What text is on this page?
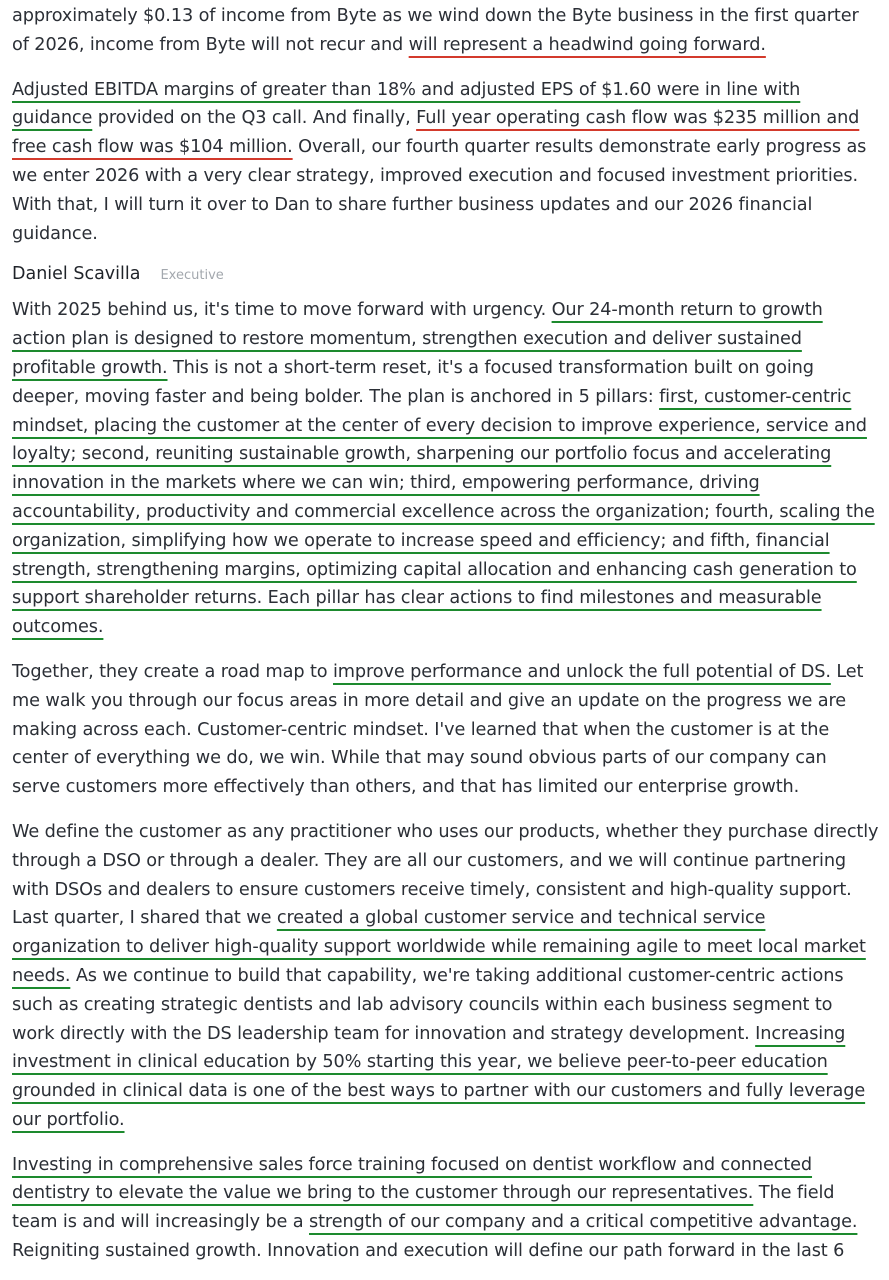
approximately $0.13 of income from Byte as we wind down the Byte business in the first quarter of 2026, income from Byte will not recur and will represent a headwind going forward.

Adjusted EBITDA margins of greater than 18% and adjusted EPS of $1.60 were in line with guidance provided on the Q3 call. And finally, Full year operating cash flow was $235 million and free cash flow was $104 million. Overall, our fourth quarter results demonstrate early progress as we enter 2026 with a very clear strategy, improved execution and focused investment priorities. With that, I will turn it over to Dan to share further business updates and our 2026 financial guidance.

Daniel Scavilla Executive

With 2025 behind us, it's time to move forward with urgency. Our 24-month return to growth action plan is designed to restore momentum, strengthen execution and deliver sustained profitable growth. This is not a short-term reset, it's a focused transformation built on going deeper, moving faster and being bolder. The plan is anchored in 5 pillars: first, customer-centric mindset, placing the customer at the center of every decision to improve experience, service and loyalty; second, reuniting sustainable growth, sharpening our portfolio focus and accelerating innovation in the markets where we can win; third, empowering performance, driving accountability, productivity and commercial excellence across the organization; fourth, scaling the organization, simplifying how we operate to increase speed and efficiency; and fifth, financial strength, strengthening margins, optimizing capital allocation and enhancing cash generation to support shareholder returns. Each pillar has clear actions to find milestones and measurable outcomes.

Together, they create a road map to improve performance and unlock the full potential of DS. Let me walk you through our focus areas in more detail and give an update on the progress we are making across each. Customer-centric mindset. I've learned that when the customer is at the center of everything we do, we win. While that may sound obvious parts of our company can serve customers more effectively than others, and that has limited our enterprise growth.

We define the customer as any practitioner who uses our products, whether they purchase directly through a DSO or through a dealer. They are all our customers, and we will continue partnering with DSOs and dealers to ensure customers receive timely, consistent and high-quality support. Last quarter, I shared that we created a global customer service and technical service organization to deliver high-quality support worldwide while remaining agile to meet local market needs. As we continue to build that capability, we're taking additional customer-centric actions such as creating strategic dentists and lab advisory councils within each business segment to work directly with the DS leadership team for innovation and strategy development. Increasing investment in clinical education by 50% starting this year, we believe peer-to-peer education grounded in clinical data is one of the best ways to partner with our customers and fully leverage our portfolio.

Investing in comprehensive sales force training focused on dentist workflow and connected dentistry to elevate the value we bring to the customer through our representatives. The field team is and will increasingly be a strength of our company and a critical competitive advantage. Reigniting sustained growth. Innovation and execution will define our path forward in the last 6
